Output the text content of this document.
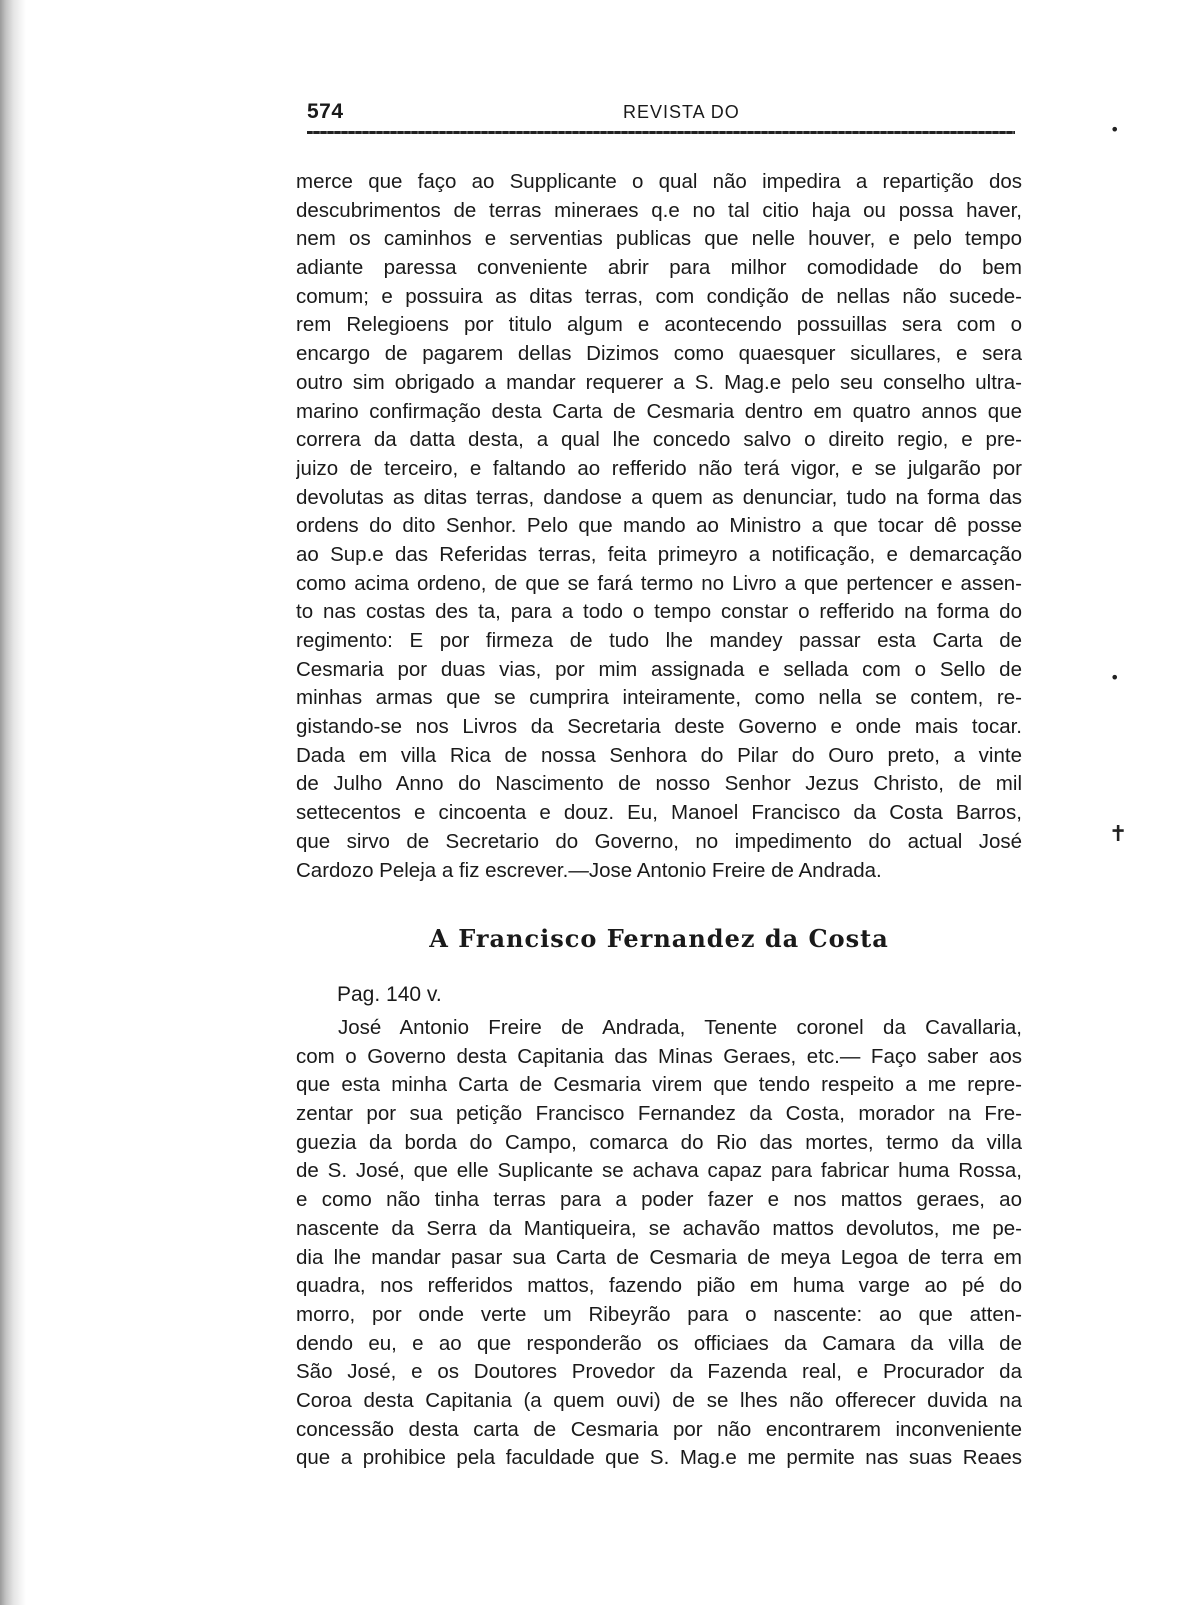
574	REVISTA DO
merce que faço ao Supplicante o qual não impedira a repartição dos
descubrimentos de terras mineraes q.e no tal citio haja ou possa haver,
nem os caminhos e serventias publicas que nelle houver, e pelo tempo
adiante paressa conveniente abrir para milhor comodidade do bem
comum; e possuira as ditas terras, com condição de nellas não sucede-
rem Relegioens por titulo algum e acontecendo possuillas sera com o
encargo de pagarem dellas Dizimos como quaesquer sicullares, e sera
outro sim obrigado a mandar requerer a S. Mag.e pelo seu conselho ultra-
marino confirmação desta Carta de Cesmaria dentro em quatro annos que
correra da datta desta, a qual lhe concedo salvo o direito regio, e pre-
juizo de terceiro, e faltando ao refferido não terá vigor, e se julgarão por
devolutas as ditas terras, dandose a quem as denunciar, tudo na forma das
ordens do dito Senhor. Pelo que mando ao Ministro a que tocar dê posse
ao Sup.e das Referidas terras, feita primeyro a notificação, e demarcação
como acima ordeno, de que se fará termo no Livro a que pertencer e assen-
to nas costas des ta, para a todo o tempo constar o refferido na forma do
regimento: E por firmeza de tudo lhe mandey passar esta Carta de
Cesmaria por duas vias, por mim assignada e sellada com o Sello de
minhas armas que se cumprira inteiramente, como nella se contem, re-
gistando-se nos Livros da Secretaria deste Governo e onde mais tocar.
Dada em villa Rica de nossa Senhora do Pilar do Ouro preto, a vinte
de Julho Anno do Nascimento de nosso Senhor Jezus Christo, de mil
settecentos e cincoenta e douz. Eu, Manoel Francisco da Costa Barros,
que sirvo de Secretario do Governo, no impedimento do actual José
Cardozo Peleja a fiz escrever.—Jose Antonio Freire de Andrada.
A Francisco Fernandez da Costa
Pag. 140 v.
José Antonio Freire de Andrada, Tenente coronel da Cavallaria,
com o Governo desta Capitania das Minas Geraes, etc.— Faço saber aos
que esta minha Carta de Cesmaria virem que tendo respeito a me repre-
zentar por sua petição Francisco Fernandez da Costa, morador na Fre-
guezia da borda do Campo, comarca do Rio das mortes, termo da villa
de S. José, que elle Suplicante se achava capaz para fabricar huma Rossa,
e como não tinha terras para a poder fazer e nos mattos geraes, ao
nascente da Serra da Mantiqueira, se achavão mattos devolutos, me pe-
dia lhe mandar pasar sua Carta de Cesmaria de meya Legoa de terra em
quadra, nos refferidos mattos, fazendo pião em huma varge ao pé do
morro, por onde verte um Ribeyrão para o nascente: ao que atten-
dendo eu, e ao que responderão os officiaes da Camara da villa de
São José, e os Doutores Provedor da Fazenda real, e Procurador da
Coroa desta Capitania (a quem ouvi) de se lhes não offerecer duvida na
concessão desta carta de Cesmaria por não encontrarem inconveniente
que a prohibice pela faculdade que S. Mag.e me permite nas suas Reaes
•
•
✝
